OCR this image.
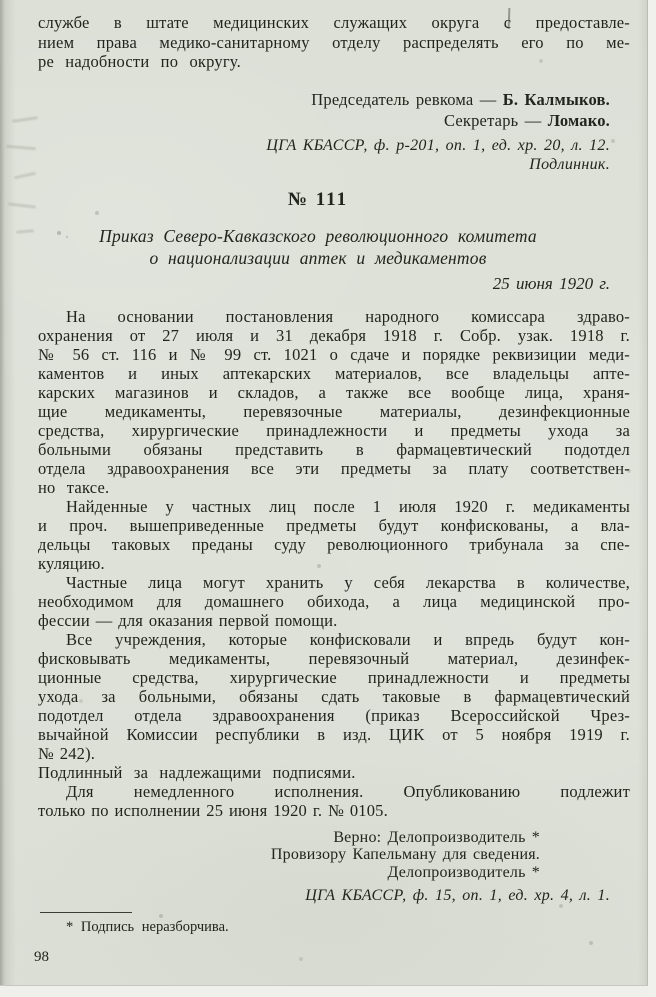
службе в штате медицинских служащих округа с предоставле-
нием права медико-санитарному отделу распределять его по ме-
ре надобности по округу.
Председатель ревкома — Б. Калмыков.
Секретарь — Ломако.
ЦГА КБАССР, ф. р-201, оп. 1, ед. хр. 20, л. 12.
Подлинник.
№ 111
Приказ Северо-Кавказского революционного комитета
о национализации аптек и медикаментов
25 июня 1920 г.
На основании постановления народного комиссара здраво-
охранения от 27 июля и 31 декабря 1918 г. Собр. узак. 1918 г.
№ 56 ст. 116 и № 99 ст. 1021 о сдаче и порядке реквизиции меди-
каментов и иных аптекарских материалов, все владельцы апте-
карских магазинов и складов, а также все вообще лица, храня-
щие медикаменты, перевязочные материалы, дезинфекционные
средства, хирургические принадлежности и предметы ухода за
больными обязаны представить в фармацевтический подотдел
отдела здравоохранения все эти предметы за плату соответствен-
но таксе.
Найденные у частных лиц после 1 июля 1920 г. медикаменты
и проч. вышеприведенные предметы будут конфискованы, а вла-
дельцы таковых преданы суду революционного трибунала за спе-
куляцию.
Частные лица могут хранить у себя лекарства в количестве,
необходимом для домашнего обихода, а лица медицинской про-
фессии — для оказания первой помощи.
Все учреждения, которые конфисковали и впредь будут кон-
фисковывать медикаменты, перевязочный материал, дезинфек-
ционные средства, хирургические принадлежности и предметы
ухода за больными, обязаны сдать таковые в фармацевтический
подотдел отдела здравоохранения (приказ Всероссийской Чрез-
вычайной Комиссии республики в изд. ЦИК от 5 ноября 1919 г.
№ 242).
Подлинный за надлежащими подписями.
Для немедленного исполнения. Опубликованию подлежит
только по исполнении 25 июня 1920 г. № 0105.
Верно: Делопроизводитель *
Провизору Капельману для сведения.
Делопроизводитель *
ЦГА КБАССР, ф. 15, оп. 1, ед. хр. 4, л. 1.
* Подпись неразборчива.
98
